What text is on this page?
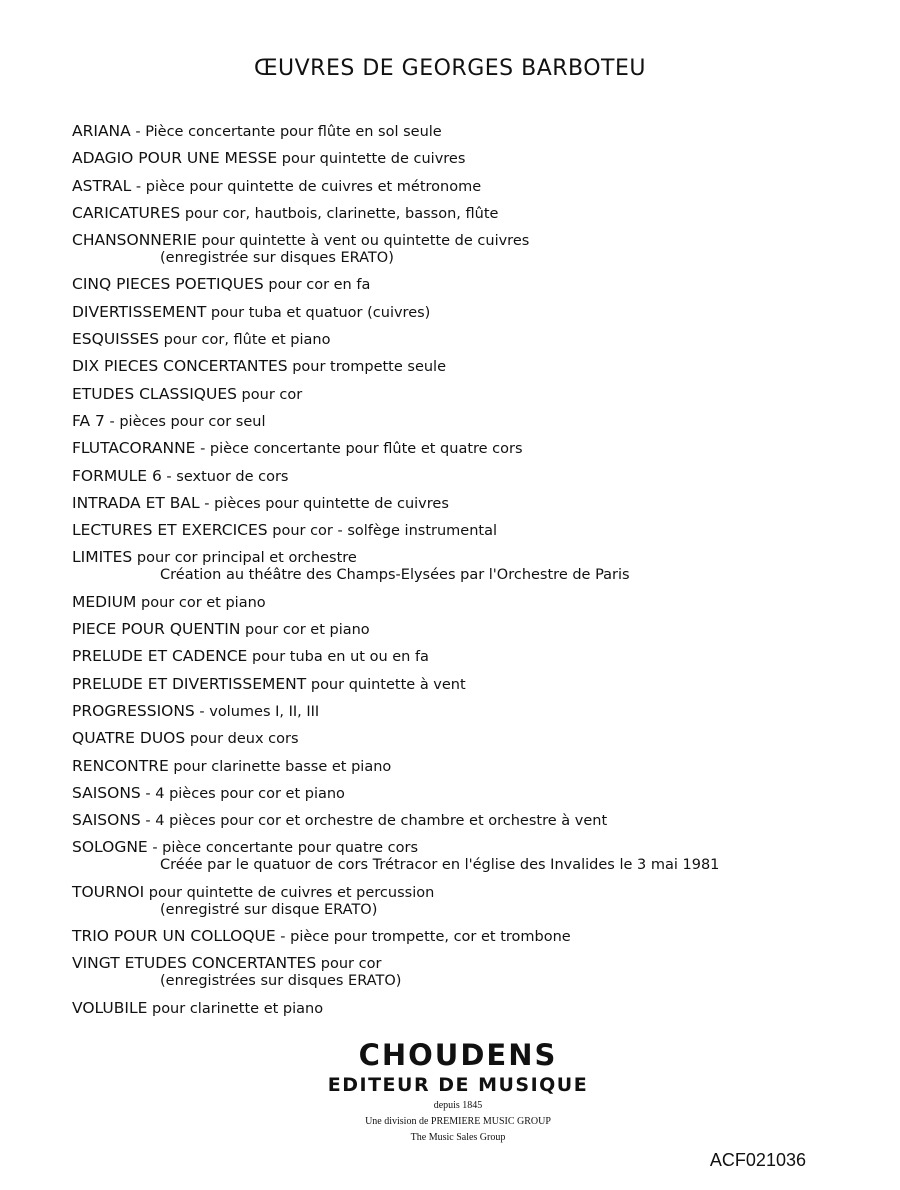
ŒUVRES DE GEORGES BARBOTEU
ARIANA - Pièce concertante pour flûte en sol seule
ADAGIO POUR UNE MESSE pour quintette de cuivres
ASTRAL - pièce pour quintette de cuivres et métronome
CARICATURES pour cor, hautbois, clarinette, basson, flûte
CHANSONNERIE pour quintette à vent ou quintette de cuivres
(enregistrée sur disques ERATO)
CINQ PIECES POETIQUES pour cor en fa
DIVERTISSEMENT pour tuba et quatuor (cuivres)
ESQUISSES pour cor, flûte et piano
DIX PIECES CONCERTANTES pour trompette seule
ETUDES CLASSIQUES pour cor
FA 7 - pièces pour cor seul
FLUTACORANNE - pièce concertante pour flûte et quatre cors
FORMULE 6 - sextuor de cors
INTRADA ET BAL - pièces pour quintette de cuivres
LECTURES ET EXERCICES pour cor - solfège instrumental
LIMITES pour cor principal et orchestre
Création au théâtre des Champs-Elysées par l'Orchestre de Paris
MEDIUM pour cor et piano
PIECE POUR QUENTIN pour cor et piano
PRELUDE ET CADENCE pour tuba en ut ou en fa
PRELUDE ET DIVERTISSEMENT pour quintette à vent
PROGRESSIONS - volumes I, II, III
QUATRE DUOS pour deux cors
RENCONTRE pour clarinette basse et piano
SAISONS - 4 pièces pour cor et piano
SAISONS - 4 pièces pour cor et orchestre de chambre et orchestre à vent
SOLOGNE - pièce concertante pour quatre cors
Créée par le quatuor de cors Trétracor en l'église des Invalides le 3 mai 1981
TOURNOI pour quintette de cuivres et percussion
(enregistré sur disque ERATO)
TRIO POUR UN COLLOQUE - pièce pour trompette, cor et trombone
VINGT ETUDES CONCERTANTES pour cor
(enregistrées sur disques ERATO)
VOLUBILE pour clarinette et piano
CHOUDENS
EDITEUR DE MUSIQUE
depuis 1845
Une division de PREMIERE MUSIC GROUP
The Music Sales Group
ACF021036
